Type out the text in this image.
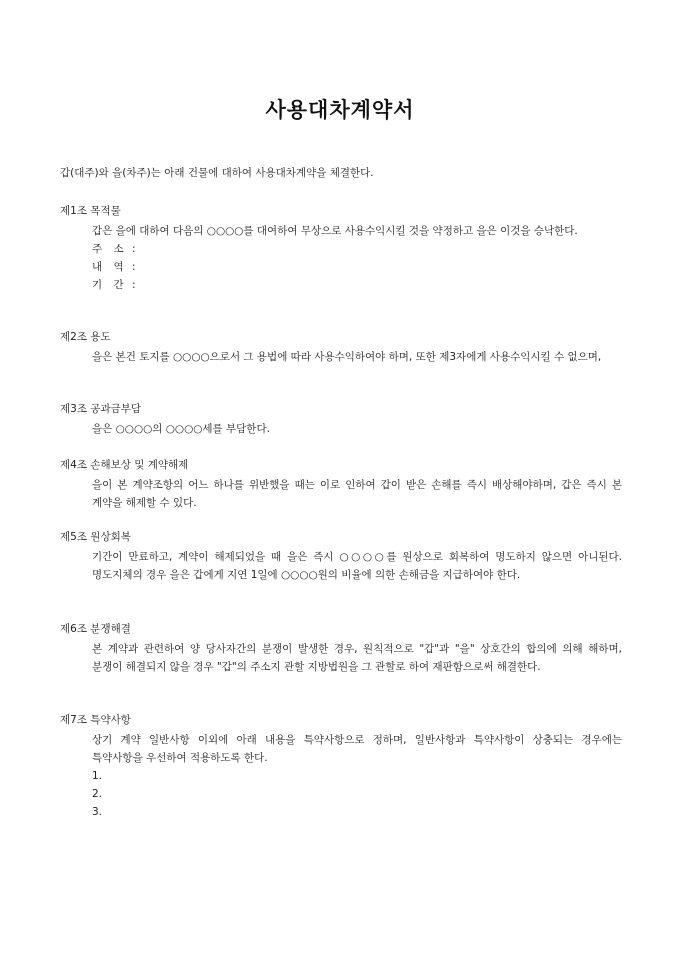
사용대차계약서
갑(대주)와 을(차주)는 아래 건물에 대하여 사용대차계약을 체결한다.
제1조 목적물
갑은 을에 대하여 다음의 ○○○○를 대여하여 무상으로 사용수익시킬 것을 약정하고 을은 이것을 승낙한다.
주 소 :
내 역 :
기 간 :
제2조 용도
을은 본건 토지를 ○○○○으로서 그 용법에 따라 사용수익하여야 하며, 또한 제3자에게 사용수익시킬 수 없으며,
제3조 공과금부담
을은 ○○○○의 ○○○○세를 부담한다.
제4조 손해보상 및 계약해제
을이 본 계약조항의 어느 하나를 위반했을 때는 이로 인하여 갑이 받은 손해를 즉시 배상해야하며, 갑은 즉시 본 계약을 해제할 수 있다.
제5조 원상회복
기간이 만료하고, 계약이 해제되었을 때 을은 즉시 ○○○○를 원상으로 회복하여 명도하지 않으면 아니된다. 명도지체의 경우 을은 갑에게 지연 1일에 ○○○○원의 비율에 의한 손해금을 지급하여야 한다.
제6조 분쟁해결
본 계약과 관련하여 양 당사자간의 분쟁이 발생한 경우, 원칙적으로 "갑"과 "을" 상호간의 합의에 의해 해하며, 분쟁이 해결되지 않을 경우 "갑"의 주소지 관할 지방법원을 그 관할로 하여 재판함으로써 해결한다.
제7조 특약사항
상기 계약 일반사항 이외에 아래 내용을 특약사항으로 정하며, 일반사항과 특약사항이 상충되는 경우에는 특약사항을 우선하여 적용하도록 한다.
1.
2.
3.
